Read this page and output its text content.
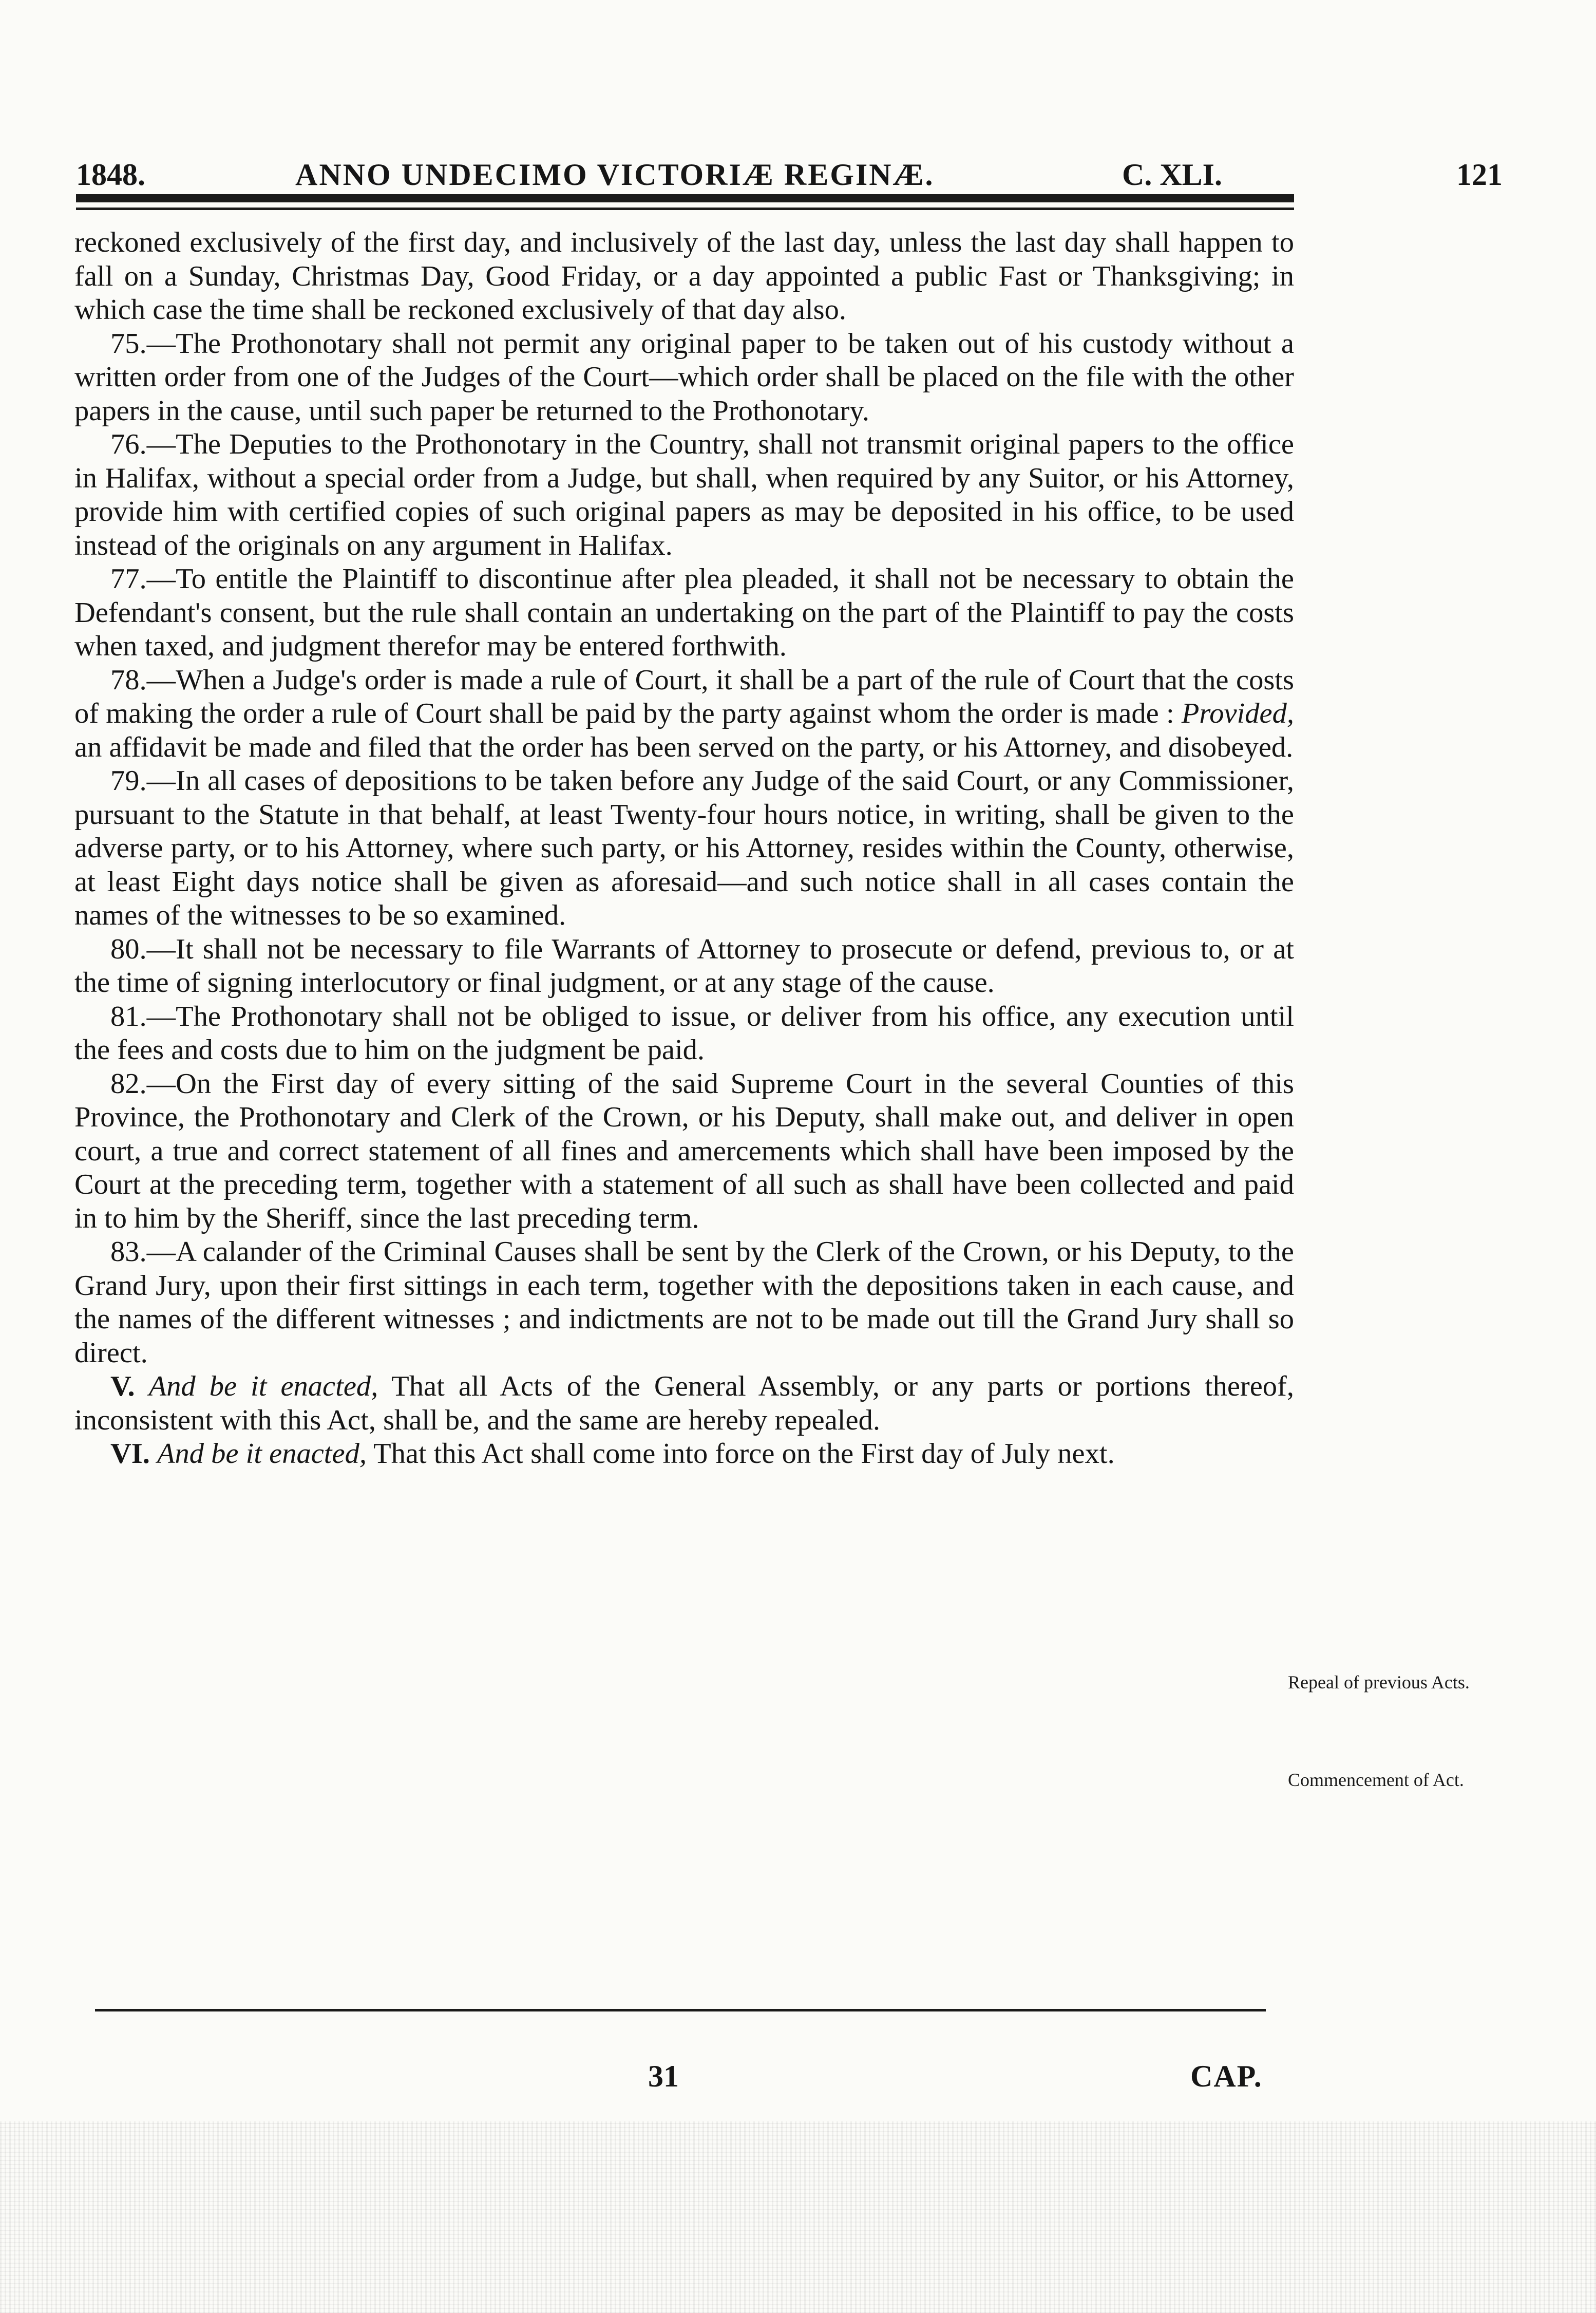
1848.	ANNO UNDECIMO VICTORIÆ REGINÆ.	C. XLI.	121

reckoned exclusively of the first day, and inclusively of the last day, unless the last day shall happen to fall on a Sunday, Christmas Day, Good Friday, or a day appointed a public Fast or Thanksgiving; in which case the time shall be reckoned exclusively of that day also.

75.—The Prothonotary shall not permit any original paper to be taken out of his custody without a written order from one of the Judges of the Court—which order shall be placed on the file with the other papers in the cause, until such paper be returned to the Prothonotary.

76.—The Deputies to the Prothonotary in the Country, shall not transmit original papers to the office in Halifax, without a special order from a Judge, but shall, when required by any Suitor, or his Attorney, provide him with certified copies of such original papers as may be deposited in his office, to be used instead of the originals on any argument in Halifax.

77.—To entitle the Plaintiff to discontinue after plea pleaded, it shall not be necessary to obtain the Defendant's consent, but the rule shall contain an undertaking on the part of the Plaintiff to pay the costs when taxed, and judgment therefor may be entered forthwith.

78.—When a Judge's order is made a rule of Court, it shall be a part of the rule of Court that the costs of making the order a rule of Court shall be paid by the party against whom the order is made : Provided, an affidavit be made and filed that the order has been served on the party, or his Attorney, and disobeyed.

79.—In all cases of depositions to be taken before any Judge of the said Court, or any Commissioner, pursuant to the Statute in that behalf, at least Twenty-four hours notice, in writing, shall be given to the adverse party, or to his Attorney, where such party, or his Attorney, resides within the County, otherwise, at least Eight days notice shall be given as aforesaid—and such notice shall in all cases contain the names of the witnesses to be so examined.

80.—It shall not be necessary to file Warrants of Attorney to prosecute or defend, previous to, or at the time of signing interlocutory or final judgment, or at any stage of the cause.

81.—The Prothonotary shall not be obliged to issue, or deliver from his office, any execution until the fees and costs due to him on the judgment be paid.

82.—On the First day of every sitting of the said Supreme Court in the several Counties of this Province, the Prothonotary and Clerk of the Crown, or his Deputy, shall make out, and deliver in open court, a true and correct statement of all fines and amercements which shall have been imposed by the Court at the preceding term, together with a statement of all such as shall have been collected and paid in to him by the Sheriff, since the last preceding term.

83.—A calander of the Criminal Causes shall be sent by the Clerk of the Crown, or his Deputy, to the Grand Jury, upon their first sittings in each term, together with the depositions taken in each cause, and the names of the different witnesses ; and indictments are not to be made out till the Grand Jury shall so direct.

V. And be it enacted, That all Acts of the General Assembly, or any parts or portions thereof, inconsistent with this Act, shall be, and the same are hereby repealed.

VI. And be it enacted, That this Act shall come into force on the First day of July next.

Repeal of previous Acts.
Commencement of Act.
31	CAP.
